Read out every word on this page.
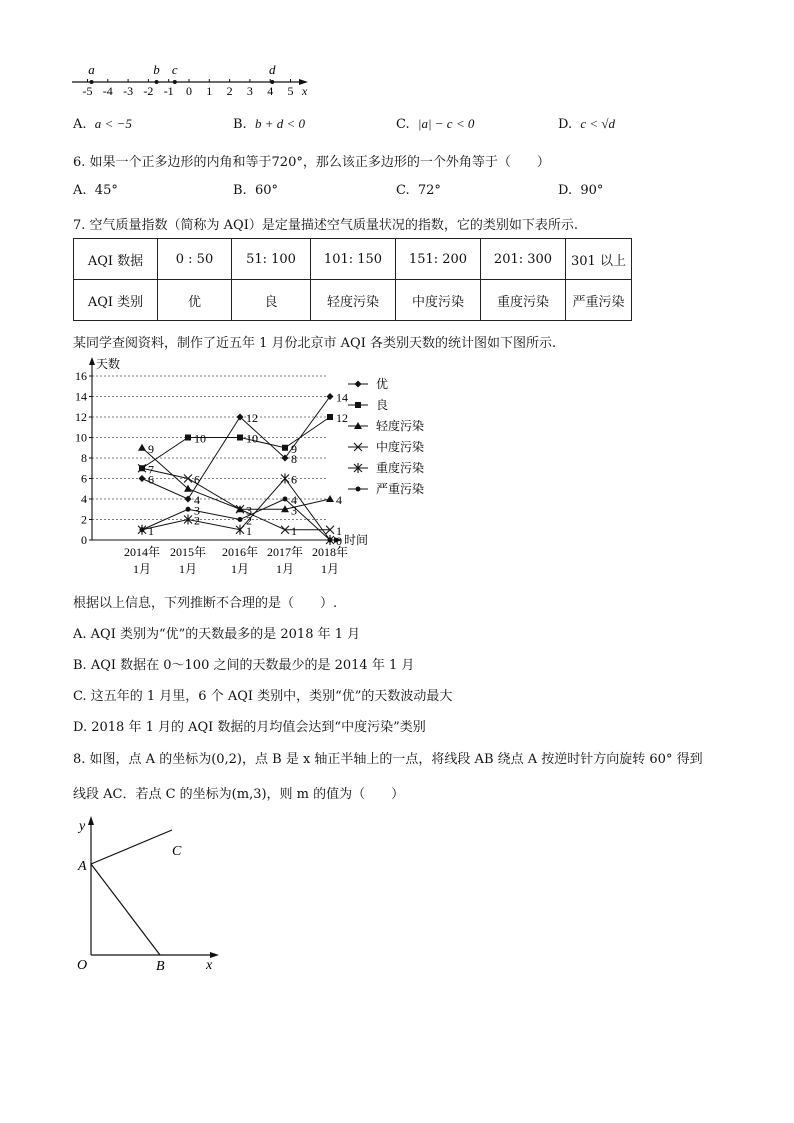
-5 -4 -3 -2 -1 0 1 2 3 4 5 x
a	b c	d
A. a < −5	B. b + d < 0	C. |a| − c < 0	D. c < √d
6. 如果一个正多边形的内角和等于720°，那么该正多边形的一个外角等于（　　）
A. 45°	B. 60°	C. 72°	D. 90°
7. 空气质量指数（简称为 AQI）是定量描述空气质量状况的指数，它的类别如下表所示.
AQI 数据	0 : 50	51: 100	101: 150	151: 200	201: 300	301 以上
AQI 类别	优	良	轻度污染	中度污染	重度污染	严重污染
某同学查阅资料，制作了近五年 1 月份北京市 AQI 各类别天数的统计图如下图所示.
0
2
4
6
8
10
12
14
16
天数
时间
2014年
1月
2015年
1月
2016年
1月
2017年
1月
2018年
1月
9
7
6
1
10
6
4
3
2
12
10
3
2
1
9
8
6
4
3
1
14
12
4
1
0
优
良
轻度污染
中度污染
重度污染
严重污染
根据以上信息，下列推断不合理的是（　　）.
A. AQI 类别为“优”的天数最多的是 2018 年 1 月
B. AQI 数据在 0～100 之间的天数最少的是 2014 年 1 月
C. 这五年的 1 月里，6 个 AQI 类别中，类别“优”的天数波动最大
D. 2018 年 1 月的 AQI 数据的月均值会达到“中度污染”类别
8. 如图，点 A 的坐标为(0,2)，点 B 是 x 轴正半轴上的一点，将线段 AB 绕点 A 按逆时针方向旋转 60° 得到
线段 AC．若点 C 的坐标为(m,3)，则 m 的值为（　　）
y
x
O
A
B
C
